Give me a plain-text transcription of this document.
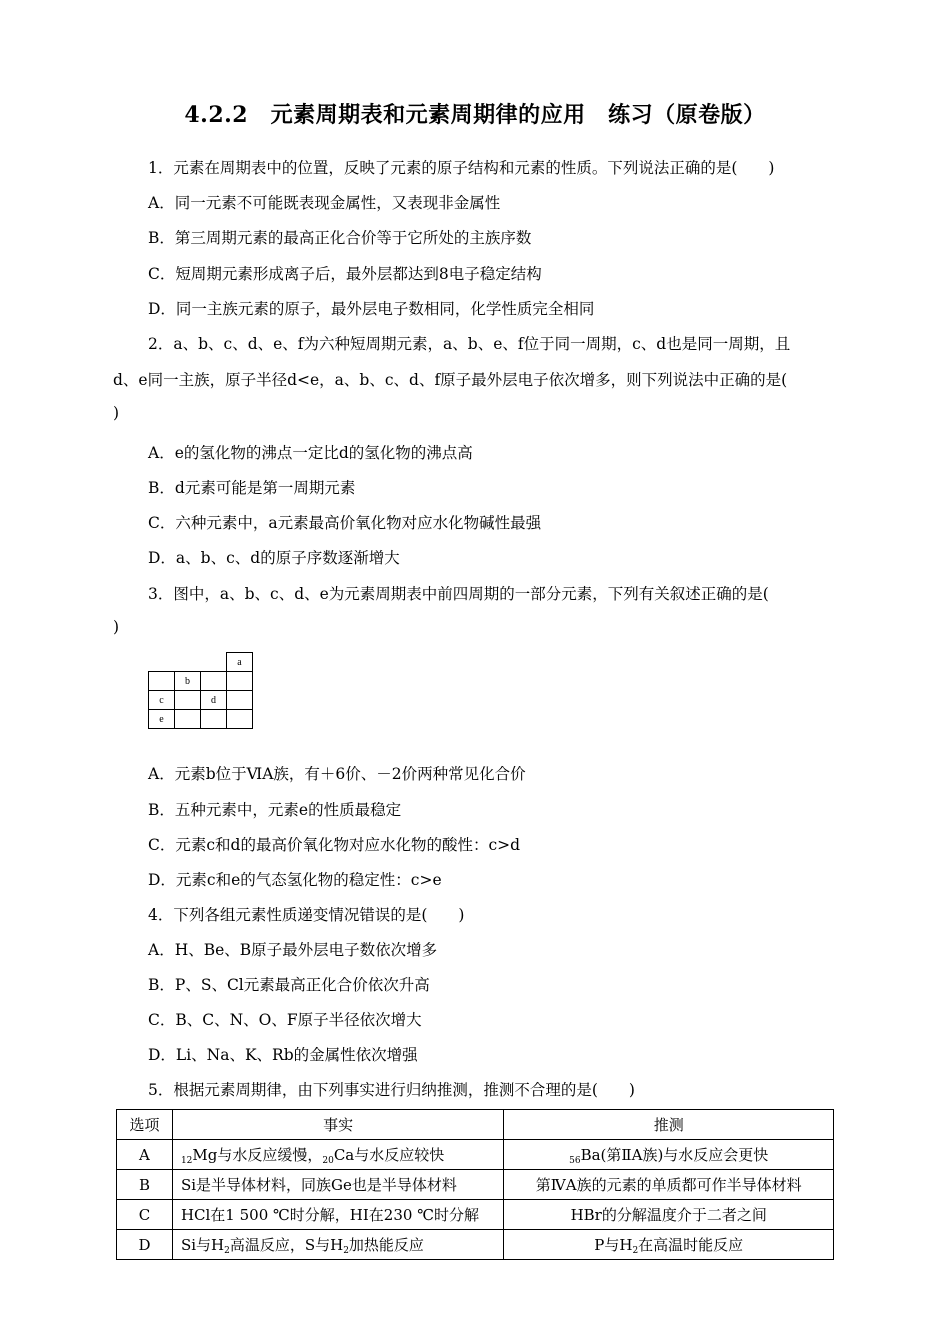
4.2.2　元素周期表和元素周期律的应用　练习（原卷版）
1．元素在周期表中的位置，反映了元素的原子结构和元素的性质。下列说法正确的是(　　)
A．同一元素不可能既表现金属性，又表现非金属性
B．第三周期元素的最高正化合价等于它所处的主族序数
C．短周期元素形成离子后，最外层都达到8电子稳定结构
D．同一主族元素的原子，最外层电子数相同，化学性质完全相同
2．a、b、c、d、e、f为六种短周期元素，a、b、e、f位于同一周期，c、d也是同一周期，且
d、e同一主族，原子半径d<e，a、b、c、d、f原子最外层电子依次增多，则下列说法中正确的是(
)
A．e的氢化物的沸点一定比d的氢化物的沸点高
B．d元素可能是第一周期元素
C．六种元素中，a元素最高价氧化物对应水化物碱性最强
D．a、b、c、d的原子序数逐渐增大
3．图中，a、b、c、d、e为元素周期表中前四周期的一部分元素，下列有关叙述正确的是(
)
			a
	b		
c		d	
e			
A．元素b位于ⅥA族，有＋6价、－2价两种常见化合价
B．五种元素中，元素e的性质最稳定
C．元素c和d的最高价氧化物对应水化物的酸性：c>d
D．元素c和e的气态氢化物的稳定性：c>e
4．下列各组元素性质递变情况错误的是(　　)
A．H、Be、B原子最外层电子数依次增多
B．P、S、Cl元素最高正化合价依次升高
C．B、C、N、O、F原子半径依次增大
D．Li、Na、K、Rb的金属性依次增强
5．根据元素周期律，由下列事实进行归纳推测，推测不合理的是(　　)
选项	事实	推测
A	$_{12}$Mg与水反应缓慢，$_{20}$Ca与水反应较快	$_{56}$Ba(第ⅡA族)与水反应会更快
B	Si是半导体材料，同族Ge也是半导体材料	第ⅣA族的元素的单质都可作半导体材料
C	HCl在1 500 ℃时分解，HI在230 ℃时分解	HBr的分解温度介于二者之间
D	Si与$H_2$高温反应，S与$H_2$加热能反应	P与$H_2$在高温时能反应
